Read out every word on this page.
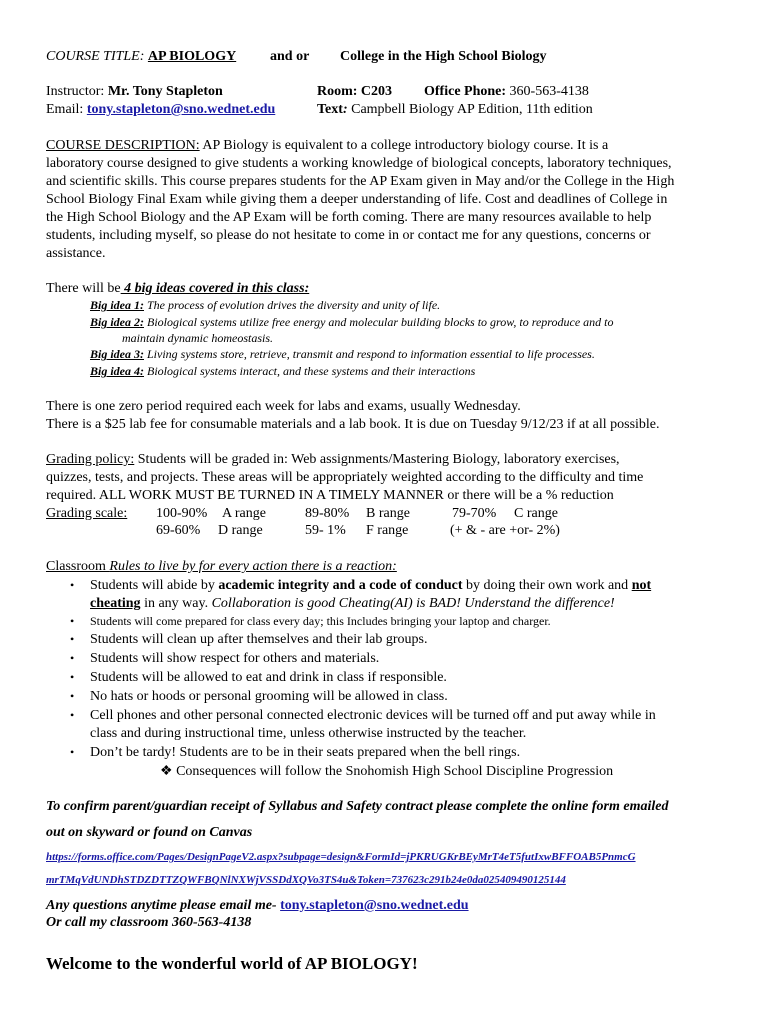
COURSE TITLE: AP BIOLOGY and or College in the High School Biology
Instructor: Mr. Tony Stapleton	Room: C203 Office Phone: 360-563-4138
Email: tony.stapleton@sno.wednet.edu	Text: Campbell Biology AP Edition, 11th edition
COURSE DESCRIPTION: AP Biology is equivalent to a college introductory biology course. It is a
laboratory course designed to give students a working knowledge of biological concepts, laboratory techniques,
and scientific skills. This course prepares students for the AP Exam given in May and/or the College in the High
School Biology Final Exam while giving them a deeper understanding of life. Cost and deadlines of College in
the High School Biology and the AP Exam will be forth coming. There are many resources available to help
students, including myself, so please do not hesitate to come in or contact me for any questions, concerns or
assistance.
There will be 4 big ideas covered in this class:
Big idea 1: The process of evolution drives the diversity and unity of life.
Big idea 2: Biological systems utilize free energy and molecular building blocks to grow, to reproduce and to
maintain dynamic homeostasis.
Big idea 3: Living systems store, retrieve, transmit and respond to information essential to life processes.
Big idea 4: Biological systems interact, and these systems and their interactions
There is one zero period required each week for labs and exams, usually Wednesday.
There is a $25 lab fee for consumable materials and a lab book. It is due on Tuesday 9/12/23 if at all possible.
Grading policy: Students will be graded in: Web assignments/Mastering Biology, laboratory exercises,
quizzes, tests, and projects. These areas will be appropriately weighted according to the difficulty and time
required. ALL WORK MUST BE TURNED IN A TIMELY MANNER or there will be a % reduction
Grading scale: 100-90% A range	89-80% B range	79-70% C range
69-60% D range	59- 1% F range	(+ & - are +or- 2%)
Classroom Rules to live by for every action there is a reaction:
• Students will abide by academic integrity and a code of conduct by doing their own work and not
cheating in any way. Collaboration is good Cheating(AI) is BAD! Understand the difference!
• Students will come prepared for class every day; this Includes bringing your laptop and charger.
• Students will clean up after themselves and their lab groups.
• Students will show respect for others and materials.
• Students will be allowed to eat and drink in class if responsible.
• No hats or hoods or personal grooming will be allowed in class.
• Cell phones and other personal connected electronic devices will be turned off and put away while in
class and during instructional time, unless otherwise instructed by the teacher.
• Don’t be tardy! Students are to be in their seats prepared when the bell rings.
❖ Consequences will follow the Snohomish High School Discipline Progression
To confirm parent/guardian receipt of Syllabus and Safety contract please complete the online form emailed
out on skyward or found on Canvas
https://forms.office.com/Pages/DesignPageV2.aspx?subpage=design&FormId=jPKRUGKrBEyMrT4eT5futIxwBFFOAB5PnmcG
mrTMqVdUNDhSTDZDTTZQWFBQNlNXWjVSSDdXQVo3TS4u&Token=737623c291b24e0da025409490125144
Any questions anytime please email me- tony.stapleton@sno.wednet.edu
Or call my classroom 360-563-4138
Welcome to the wonderful world of AP BIOLOGY!
